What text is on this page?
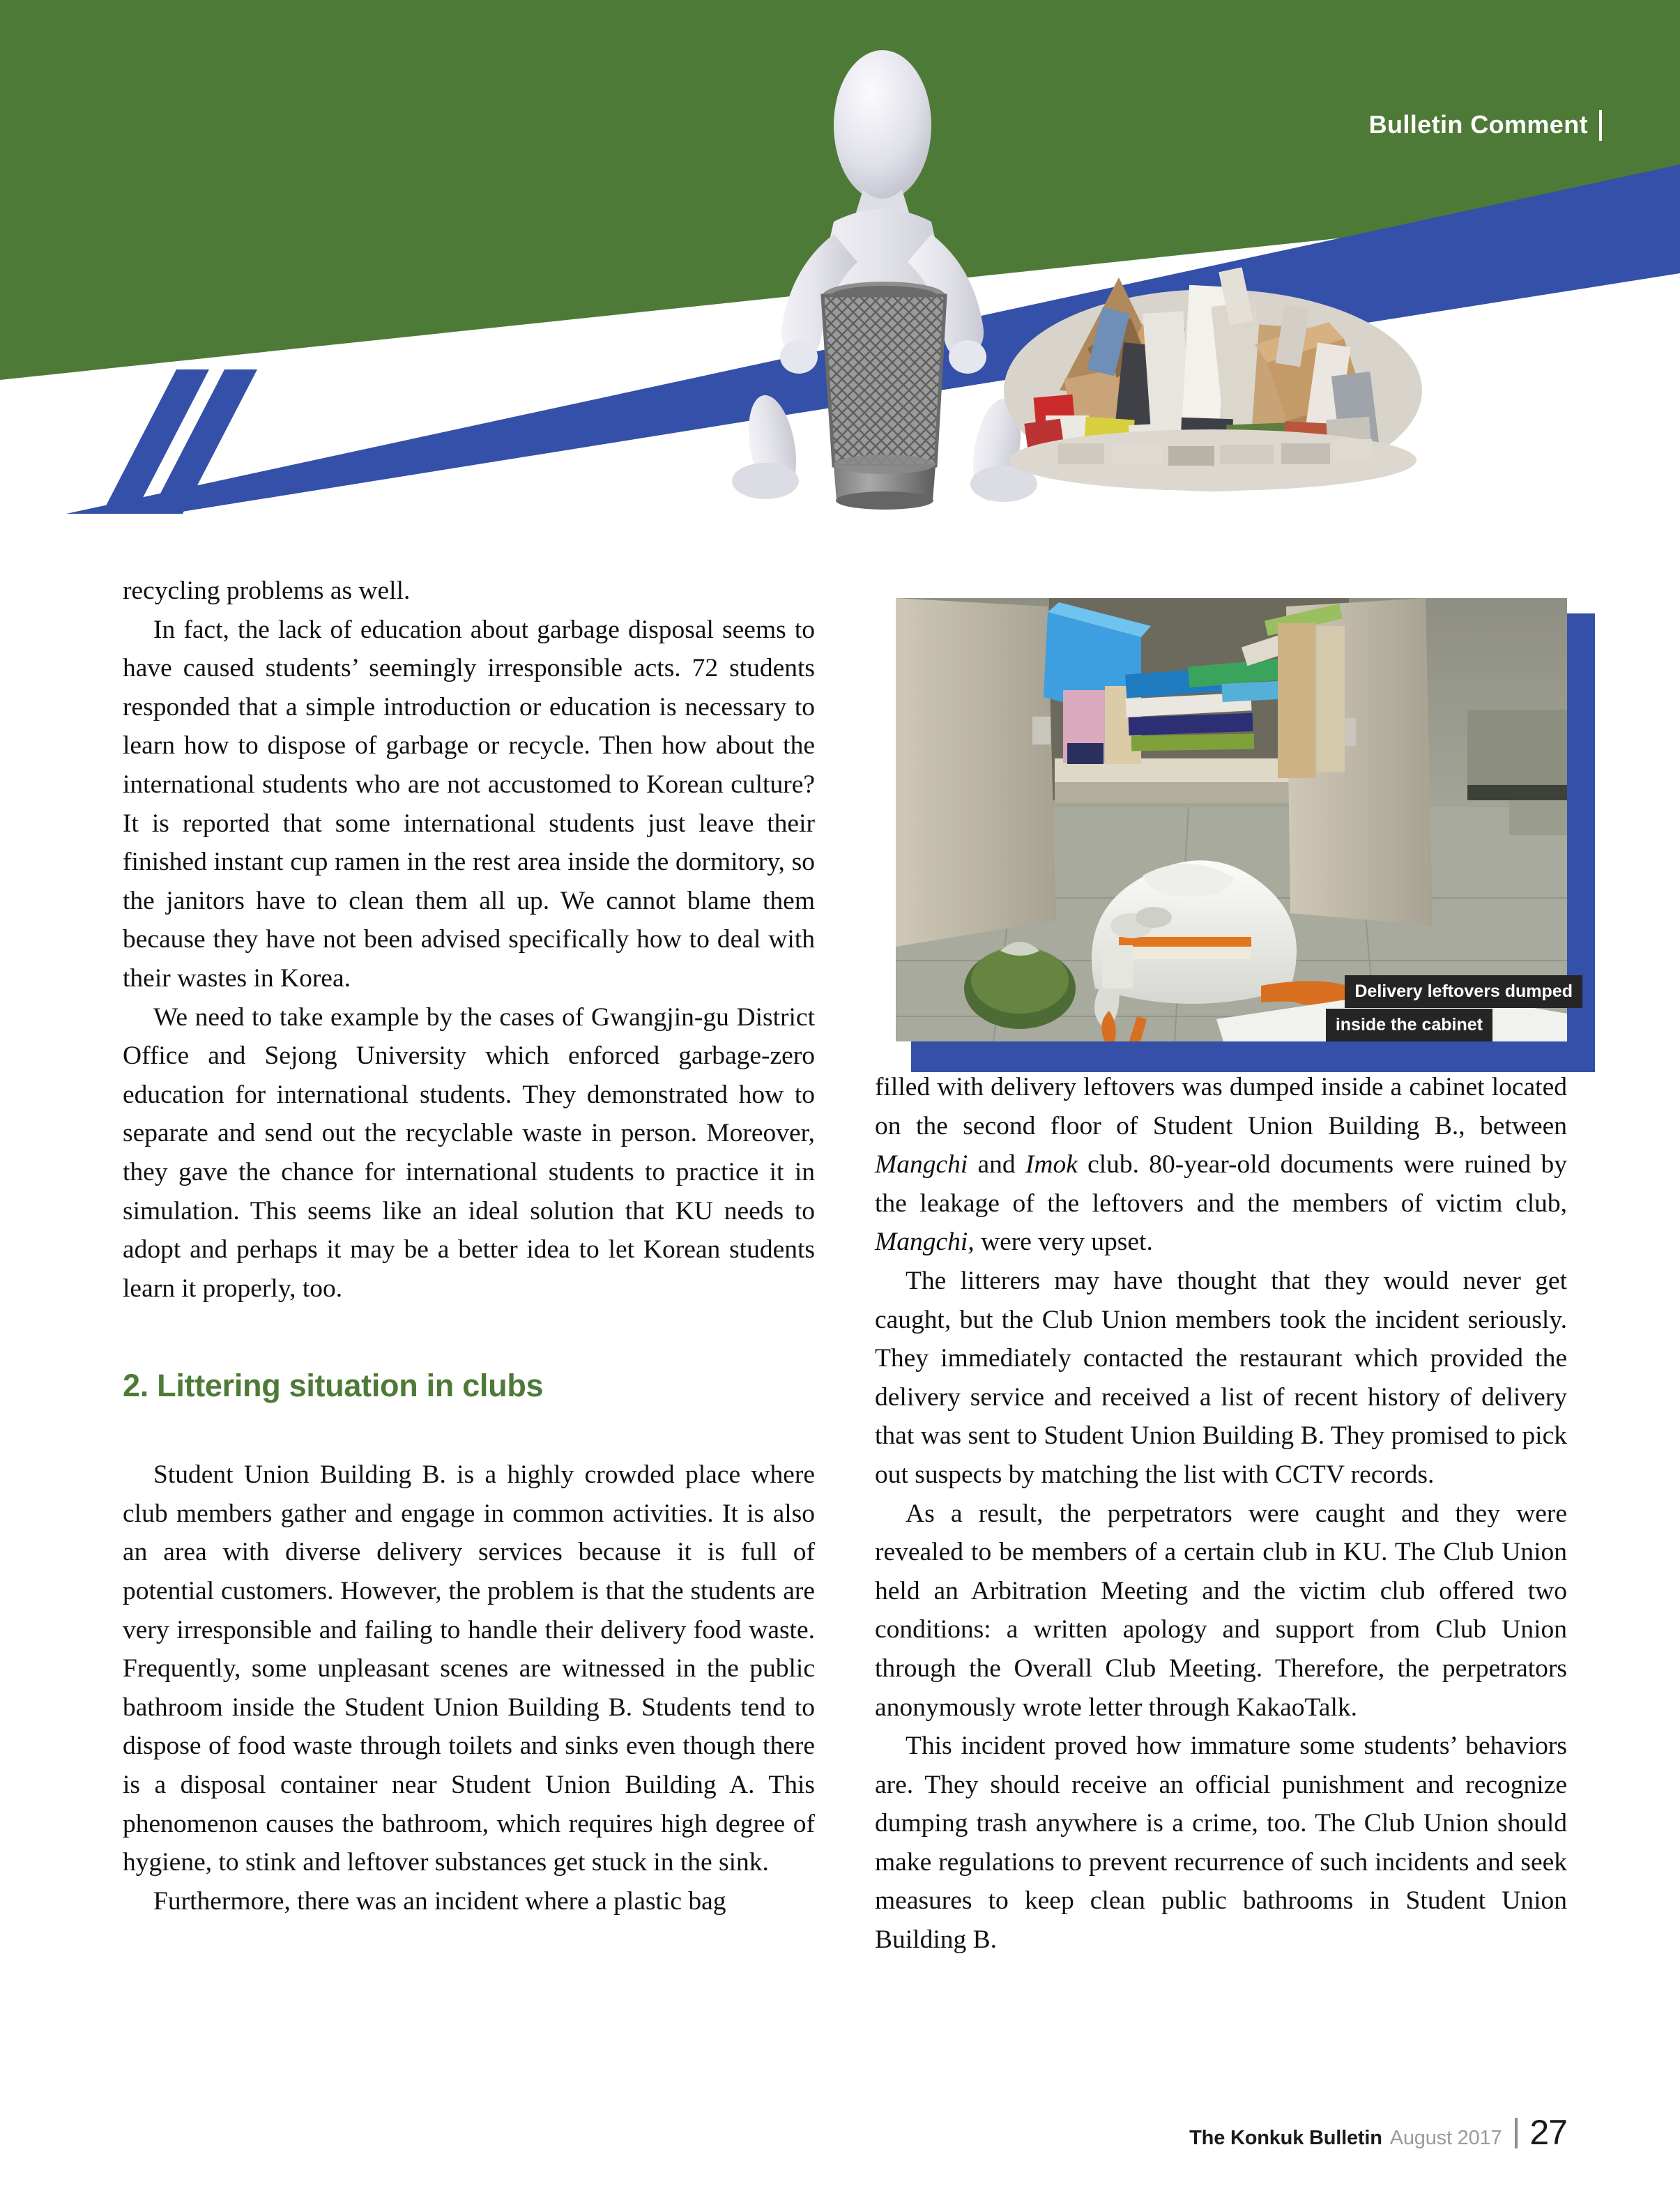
Bulletin Comment

recycling problems as well.

In fact, the lack of education about garbage disposal seems to have caused students’ seemingly irresponsible acts. 72 students responded that a simple introduction or education is necessary to learn how to dispose of garbage or recycle. Then how about the international students who are not accustomed to Korean culture? It is reported that some international students just leave their finished instant cup ramen in the rest area inside the dormitory, so the janitors have to clean them all up. We cannot blame them because they have not been advised specifically how to deal with their wastes in Korea.

We need to take example by the cases of Gwangjin-gu District Office and Sejong University which enforced garbage-zero education for international students. They demonstrated how to separate and send out the recyclable waste in person. Moreover, they gave the chance for international students to practice it in simulation. This seems like an ideal solution that KU needs to adopt and perhaps it may be a better idea to let Korean students learn it properly, too.

2. Littering situation in clubs

Student Union Building B. is a highly crowded place where club members gather and engage in common activities. It is also an area with diverse delivery services because it is full of potential customers. However, the problem is that the students are very irresponsible and failing to handle their delivery food waste. Frequently, some unpleasant scenes are witnessed in the public bathroom inside the Student Union Building B. Students tend to dispose of food waste through toilets and sinks even though there is a disposal container near Student Union Building A. This phenomenon causes the bathroom, which requires high degree of hygiene, to stink and leftover substances get stuck in the sink.

Furthermore, there was an incident where a plastic bag

Delivery leftovers dumped
inside the cabinet

filled with delivery leftovers was dumped inside a cabinet located on the second floor of Student Union Building B., between Mangchi and Imok club. 80-year-old documents were ruined by the leakage of the leftovers and the members of victim club, Mangchi, were very upset.

The litterers may have thought that they would never get caught, but the Club Union members took the incident seriously. They immediately contacted the restaurant which provided the delivery service and received a list of recent history of delivery that was sent to Student Union Building B. They promised to pick out suspects by matching the list with CCTV records.

As a result, the perpetrators were caught and they were revealed to be members of a certain club in KU. The Club Union held an Arbitration Meeting and the victim club offered two conditions: a written apology and support from Club Union through the Overall Club Meeting. Therefore, the perpetrators anonymously wrote letter through KakaoTalk.

This incident proved how immature some students’ behaviors are. They should receive an official punishment and recognize dumping trash anywhere is a crime, too. The Club Union should make regulations to prevent recurrence of such incidents and seek measures to keep clean public bathrooms in Student Union Building B.

The Konkuk Bulletin August 2017 27
